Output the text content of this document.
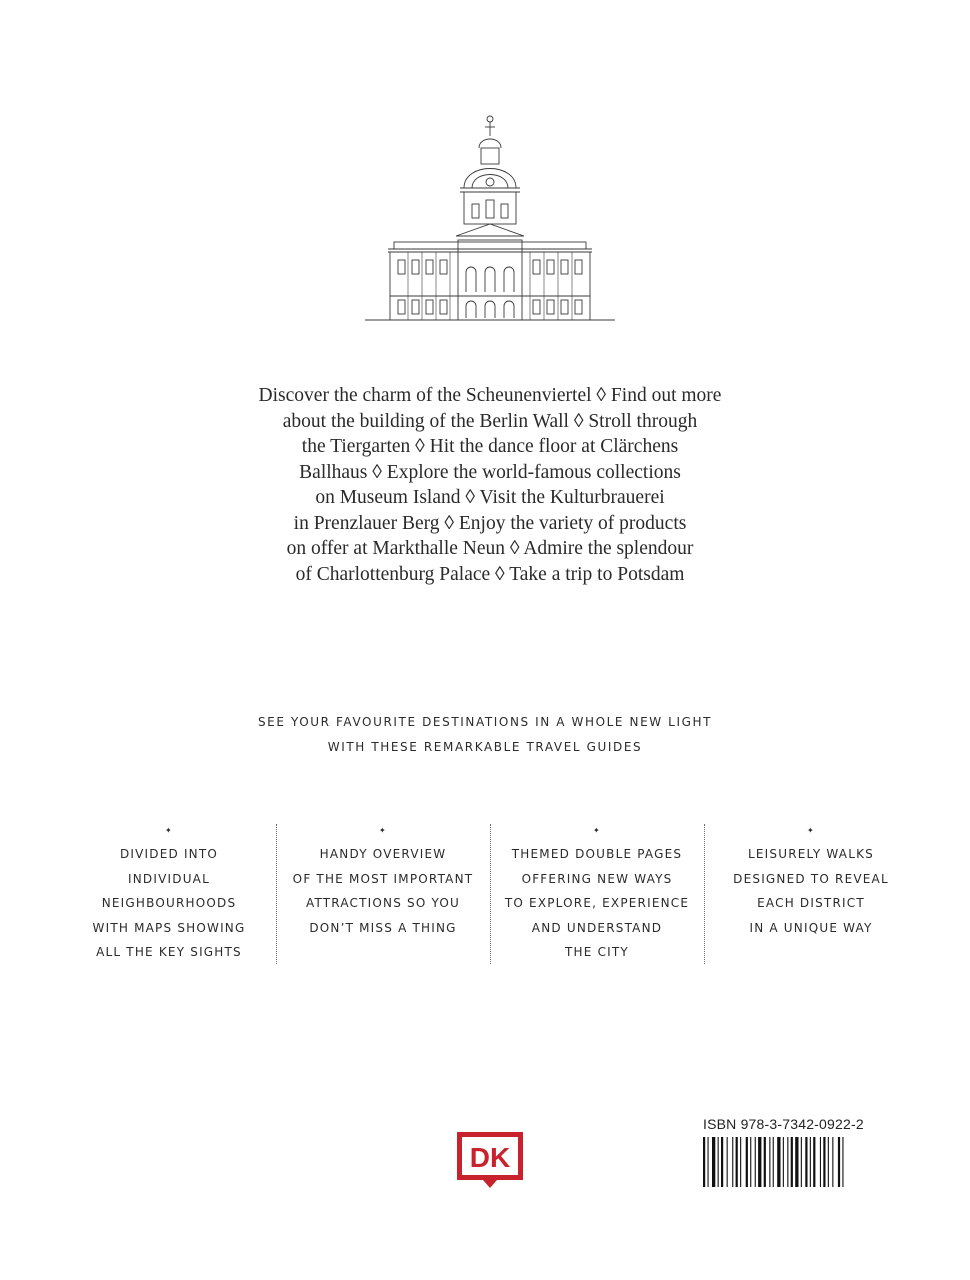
Discover the charm of the Scheunenviertel ◊ Find out more
about the building of the Berlin Wall ◊ Stroll through
the Tiergarten ◊ Hit the dance floor at Clärchens
Ballhaus ◊ Explore the world-famous collections
on Museum Island ◊ Visit the Kulturbrauerei
in Prenzlauer Berg ◊ Enjoy the variety of products
on offer at Markthalle Neun ◊ Admire the splendour
of Charlottenburg Palace ◊ Take a trip to Potsdam
SEE YOUR FAVOURITE DESTINATIONS IN A WHOLE NEW LIGHT
WITH THESE REMARKABLE TRAVEL GUIDES
✦
DIVIDED INTO
INDIVIDUAL
NEIGHBOURHOODS
WITH MAPS SHOWING
ALL THE KEY SIGHTS
✦
HANDY OVERVIEW
OF THE MOST IMPORTANT
ATTRACTIONS SO YOU
DON’T MISS A THING
✦
THEMED DOUBLE PAGES
OFFERING NEW WAYS
TO EXPLORE, EXPERIENCE
AND UNDERSTAND
THE CITY
✦
LEISURELY WALKS
DESIGNED TO REVEAL
EACH DISTRICT
IN A UNIQUE WAY
DK
ISBN 978-3-7342-0922-2
